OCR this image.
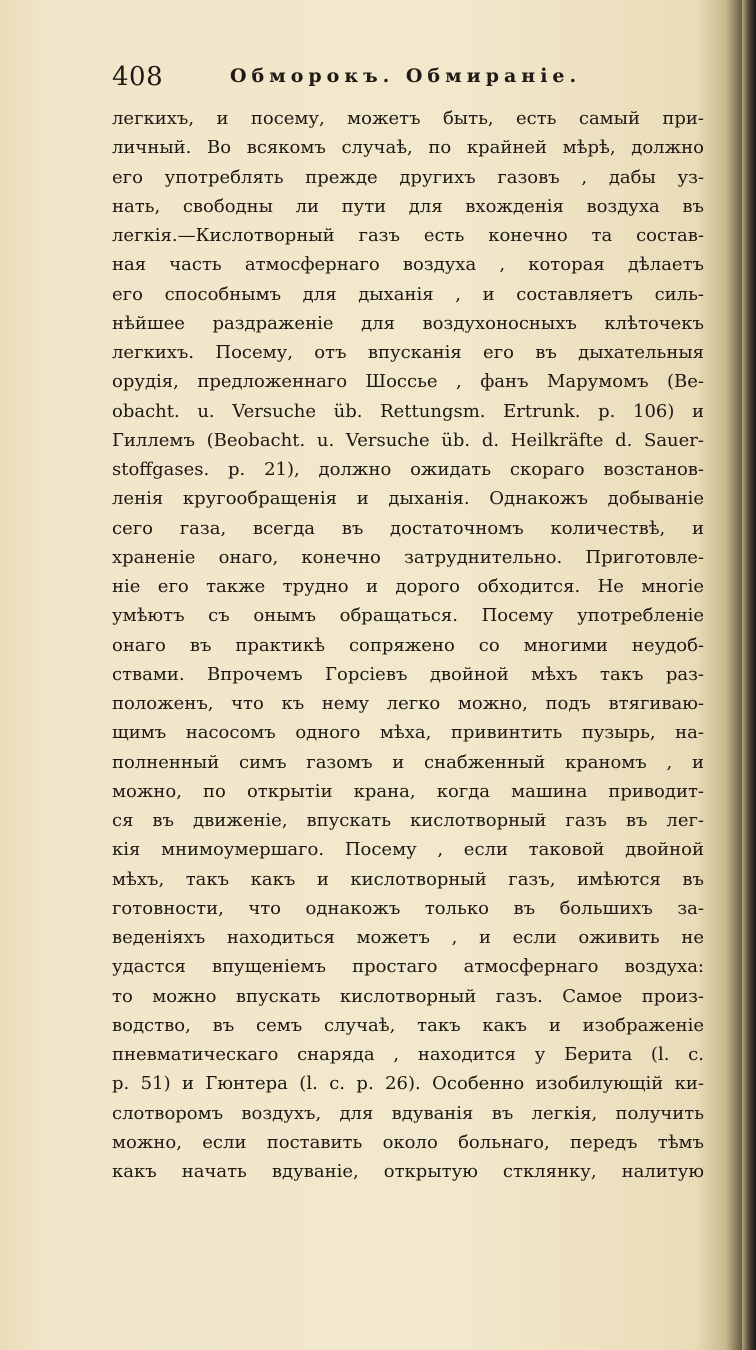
408	Обморокъ. Обмиранiе.
легкихъ, и посему, можетъ быть, есть самый при-
личный. Во всякомъ случаѣ, по крайней мѣрѣ, должно
его употреблять прежде другихъ газовъ , дабы уз-
нать, свободны ли пути для вхожденiя воздуха въ
легкiя.—Кислотворный газъ есть конечно та состав-
ная часть атмосфернаго воздуха , которая дѣлаетъ
его способнымъ для дыханiя , и составляетъ силь-
нѣйшее раздраженiе для воздухоносныхъ клѣточекъ
легкихъ. Посему, отъ впусканiя его въ дыхательныя
орудiя, предложеннаго Шоссье , фанъ Марумомъ (Be-
obacht. u. Versuche üb. Rettungsm. Ertrunk. p. 106) и
Гиллемъ (Beobacht. u. Versuche üb. d. Heilkräfte d. Sauer-
stoffgases. p. 21), должно ожидать скораго возстанов-
ленiя кругообращенiя и дыханiя. Однакожъ добыванiе
сего газа, всегда въ достаточномъ количествѣ, и
храненiе онаго, конечно затруднительно. Приготовле-
нiе его также трудно и дорого обходится. Не многiе
умѣютъ съ онымъ обращаться. Посему употребленiе
онаго въ практикѣ сопряжено со многими неудоб-
ствами. Впрочемъ Горсiевъ двойной мѣхъ такъ раз-
положенъ, что къ нему легко можно, подъ втягиваю-
щимъ насосомъ одного мѣха, привинтить пузырь, на-
полненный симъ газомъ и снабженный краномъ , и
можно, по открытiи крана, когда машина приводит-
ся въ движенiе, впускать кислотворный газъ въ лег-
кiя мнимоумершаго. Посему , если таковой двойной
мѣхъ, такъ какъ и кислотворный газъ, имѣются въ
готовности, что однакожъ только въ большихъ за-
веденiяхъ находиться можетъ , и если оживить не
удастся впущенiемъ простаго атмосфернаго воздуха:
то можно впускать кислотворный газъ. Самое произ-
водство, въ семъ случаѣ, такъ какъ и изображенiе
пневматическаго снаряда , находится у Берита (l. c.
p. 51) и Гюнтера (l. c. p. 26). Особенно изобилующiй ки-
слотворомъ воздухъ, для вдуванiя въ легкiя, получить
можно, если поставить около больнаго, передъ тѣмъ
какъ начать вдуванiе, открытую стклянку, налитую
